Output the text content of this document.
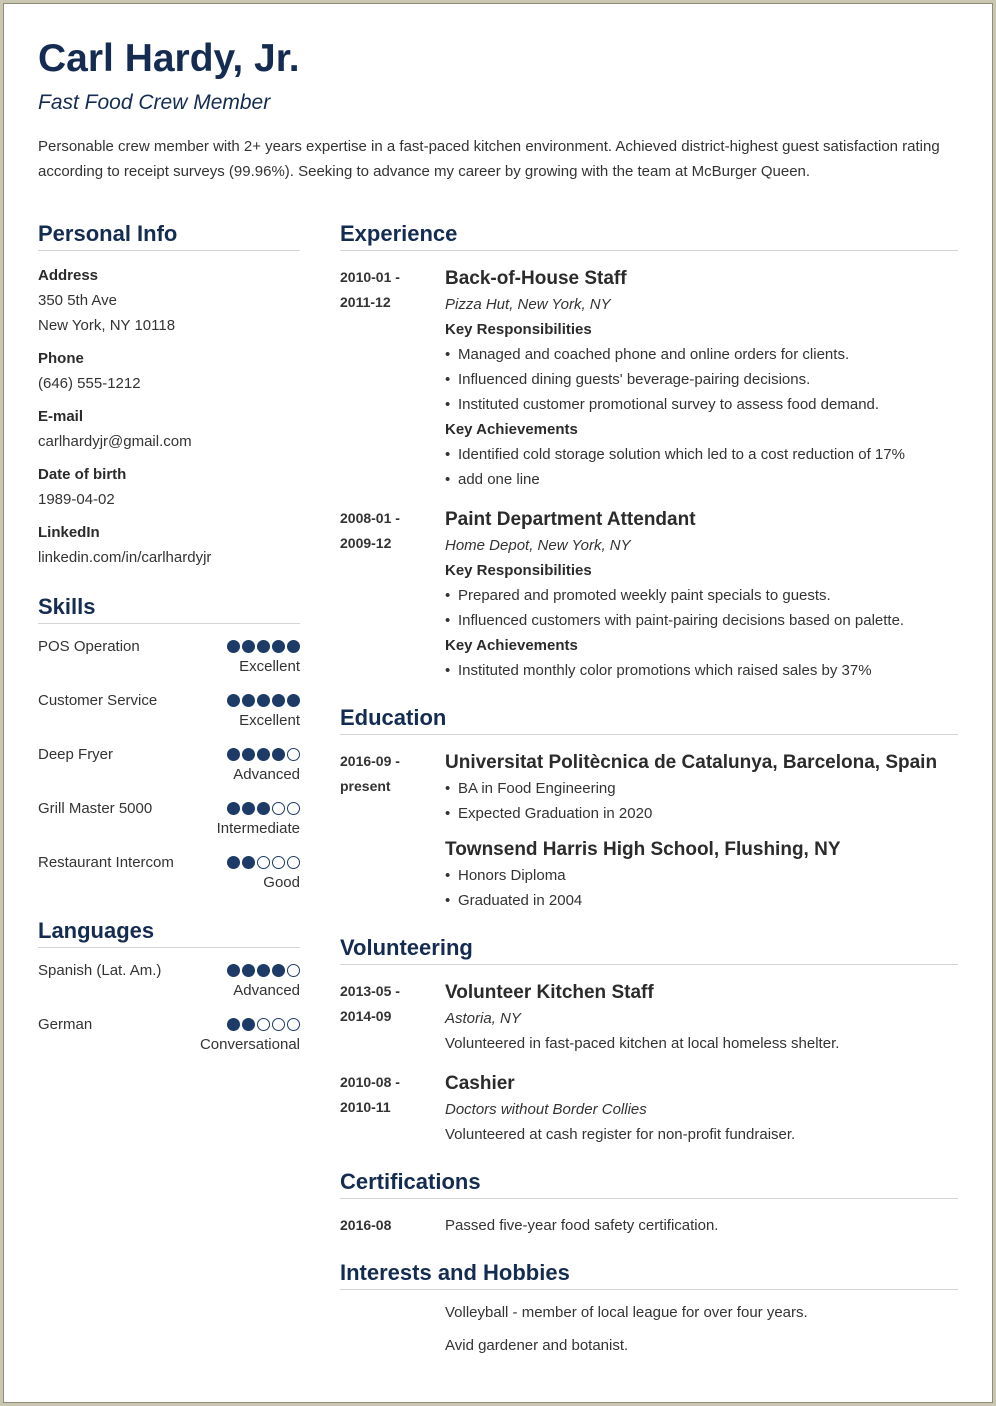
Carl Hardy, Jr.
Fast Food Crew Member
Personable crew member with 2+ years expertise in a fast-paced kitchen environment. Achieved district-highest guest satisfaction rating according to receipt surveys (99.96%). Seeking to advance my career by growing with the team at McBurger Queen.
Personal Info
Address
350 5th Ave
New York, NY 10118
Phone
(646) 555-1212
E-mail
carlhardyjr@gmail.com
Date of birth
1989-04-02
LinkedIn
linkedin.com/in/carlhardyjr
Skills
POS Operation
Excellent
Customer Service
Excellent
Deep Fryer
Advanced
Grill Master 5000
Intermediate
Restaurant Intercom
Good
Languages
Spanish (Lat. Am.)
Advanced
German
Conversational
Experience
2010-01 -
2011-12
Back-of-House Staff
Pizza Hut, New York, NY
Key Responsibilities
• Managed and coached phone and online orders for clients.
• Influenced dining guests' beverage-pairing decisions.
• Instituted customer promotional survey to assess food demand.
Key Achievements
• Identified cold storage solution which led to a cost reduction of 17%
• add one line
2008-01 -
2009-12
Paint Department Attendant
Home Depot, New York, NY
Key Responsibilities
• Prepared and promoted weekly paint specials to guests.
• Influenced customers with paint-pairing decisions based on palette.
Key Achievements
• Instituted monthly color promotions which raised sales by 37%
Education
2016-09 -
present
Universitat Politècnica de Catalunya, Barcelona, Spain
• BA in Food Engineering
• Expected Graduation in 2020
Townsend Harris High School, Flushing, NY
• Honors Diploma
• Graduated in 2004
Volunteering
2013-05 -
2014-09
Volunteer Kitchen Staff
Astoria, NY
Volunteered in fast-paced kitchen at local homeless shelter.
2010-08 -
2010-11
Cashier
Doctors without Border Collies
Volunteered at cash register for non-profit fundraiser.
Certifications
2016-08	Passed five-year food safety certification.
Interests and Hobbies
Volleyball - member of local league for over four years.
Avid gardener and botanist.
